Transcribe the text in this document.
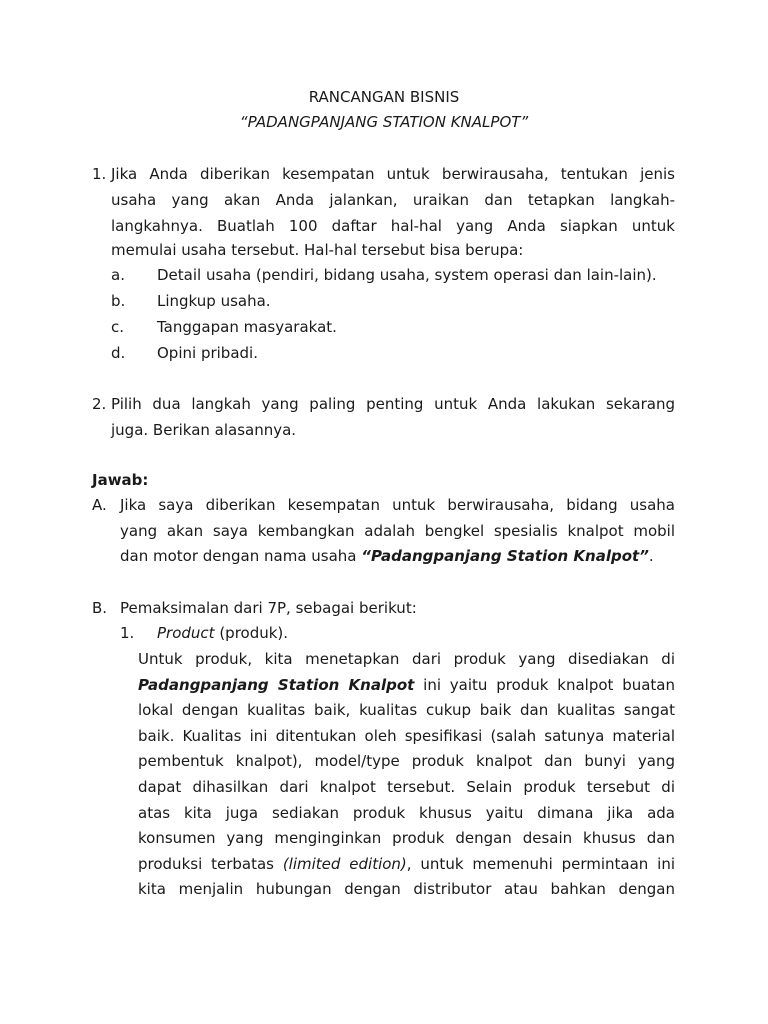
RANCANGAN BISNIS
“PADANGPANJANG STATION KNALPOT”
1. Jika Anda diberikan kesempatan untuk berwirausaha, tentukan jenis
usaha yang akan Anda jalankan, uraikan dan tetapkan langkah-
langkahnya. Buatlah 100 daftar hal-hal yang Anda siapkan untuk
memulai usaha tersebut. Hal-hal tersebut bisa berupa:
a. Detail usaha (pendiri, bidang usaha, system operasi dan lain-lain).
b. Lingkup usaha.
c. Tanggapan masyarakat.
d. Opini pribadi.
2. Pilih dua langkah yang paling penting untuk Anda lakukan sekarang
juga. Berikan alasannya.
Jawab:
A. Jika saya diberikan kesempatan untuk berwirausaha, bidang usaha
yang akan saya kembangkan adalah bengkel spesialis knalpot mobil
dan motor dengan nama usaha “Padangpanjang Station Knalpot”.
B. Pemaksimalan dari 7P, sebagai berikut:
1. Product (produk).
Untuk produk, kita menetapkan dari produk yang disediakan di
Padangpanjang Station Knalpot ini yaitu produk knalpot buatan
lokal dengan kualitas baik, kualitas cukup baik dan kualitas sangat
baik. Kualitas ini ditentukan oleh spesifikasi (salah satunya material
pembentuk knalpot), model/type produk knalpot dan bunyi yang
dapat dihasilkan dari knalpot tersebut. Selain produk tersebut di
atas kita juga sediakan produk khusus yaitu dimana jika ada
konsumen yang menginginkan produk dengan desain khusus dan
produksi terbatas (limited edition), untuk memenuhi permintaan ini
kita menjalin hubungan dengan distributor atau bahkan dengan
